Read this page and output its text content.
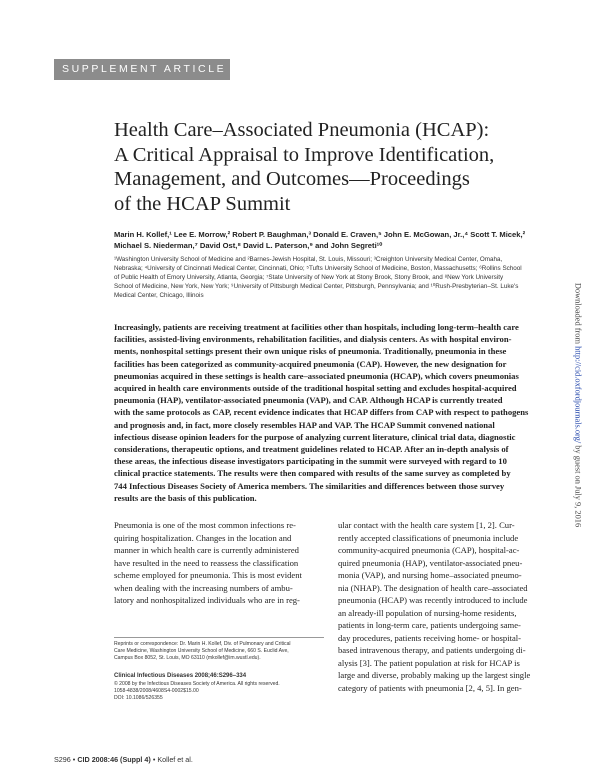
SUPPLEMENT ARTICLE
Health Care–Associated Pneumonia (HCAP):
A Critical Appraisal to Improve Identification,
Management, and Outcomes—Proceedings
of the HCAP Summit

Marin H. Kollef,¹ Lee E. Morrow,² Robert P. Baughman,³ Donald E. Craven,⁵ John E. McGowan, Jr.,⁴ Scott T. Micek,²
Michael S. Niederman,⁷ David Ost,⁸ David L. Paterson,⁹ and John Segreti¹⁰

¹Washington University School of Medicine and ²Barnes-Jewish Hospital, St. Louis, Missouri; ³Creighton University Medical Center, Omaha,
Nebraska; ⁴University of Cincinnati Medical Center, Cincinnati, Ohio; ⁵Tufts University School of Medicine, Boston, Massachusetts; ⁶Rollins School
of Public Health of Emory University, Atlanta, Georgia; ⁷State University of New York at Stony Brook, Stony Brook, and ⁸New York University
School of Medicine, New York, New York; ⁹University of Pittsburgh Medical Center, Pittsburgh, Pennsylvania; and ¹⁰Rush-Presbyterian–St. Luke's
Medical Center, Chicago, Illinois	Downloaded from http://cid.oxfordjournals.org/ by guest on July 9, 2016

Increasingly, patients are receiving treatment at facilities other than hospitals, including long-term–health care
facilities, assisted-living environments, rehabilitation facilities, and dialysis centers. As with hospital environ-
ments, nonhospital settings present their own unique risks of pneumonia. Traditionally, pneumonia in these
facilities has been categorized as community-acquired pneumonia (CAP). However, the new designation for
pneumonias acquired in these settings is health care–associated pneumonia (HCAP), which covers pneumonias
acquired in health care environments outside of the traditional hospital setting and excludes hospital-acquired
pneumonia (HAP), ventilator-associated pneumonia (VAP), and CAP. Although HCAP is currently treated
with the same protocols as CAP, recent evidence indicates that HCAP differs from CAP with respect to pathogens
and prognosis and, in fact, more closely resembles HAP and VAP. The HCAP Summit convened national
infectious disease opinion leaders for the purpose of analyzing current literature, clinical trial data, diagnostic
considerations, therapeutic options, and treatment guidelines related to HCAP. After an in-depth analysis of
these areas, the infectious disease investigators participating in the summit were surveyed with regard to 10
clinical practice statements. The results were then compared with results of the same survey as completed by
744 Infectious Diseases Society of America members. The similarities and differences between those survey
results are the basis of this publication.

Pneumonia is one of the most common infections re-
quiring hospitalization. Changes in the location and
manner in which health care is currently administered
have resulted in the need to reassess the classification
scheme employed for pneumonia. This is most evident
when dealing with the increasing numbers of ambu-
latory and nonhospitalized individuals who are in reg-

ular contact with the health care system [1, 2]. Cur-
rently accepted classifications of pneumonia include
community-acquired pneumonia (CAP), hospital-ac-
quired pneumonia (HAP), ventilator-associated pneu-
monia (VAP), and nursing home–associated pneumo-
nia (NHAP). The designation of health care–associated
pneumonia (HCAP) was recently introduced to include
an already-ill population of nursing-home residents,
patients in long-term care, patients undergoing same-
day procedures, patients receiving home- or hospital-
based intravenous therapy, and patients undergoing di-
alysis [3]. The patient population at risk for HCAP is
large and diverse, probably making up the largest single
category of patients with pneumonia [2, 4, 5]. In gen-

Reprints or correspondence: Dr. Marin H. Kollef, Div. of Pulmonary and Critical
Care Medicine, Washington University School of Medicine, 660 S. Euclid Ave,
Campus Box 8052, St. Louis, MO 63110 (mkollef@im.wustl.edu).

Clinical Infectious Diseases 2008;46:S296–334
© 2008 by the Infectious Diseases Society of America. All rights reserved.
1058-4838/2008/4608S4-0002$15.00
DOI: 10.1086/526355

S296 • CID 2008:46 (Suppl 4) • Kollef et al.
